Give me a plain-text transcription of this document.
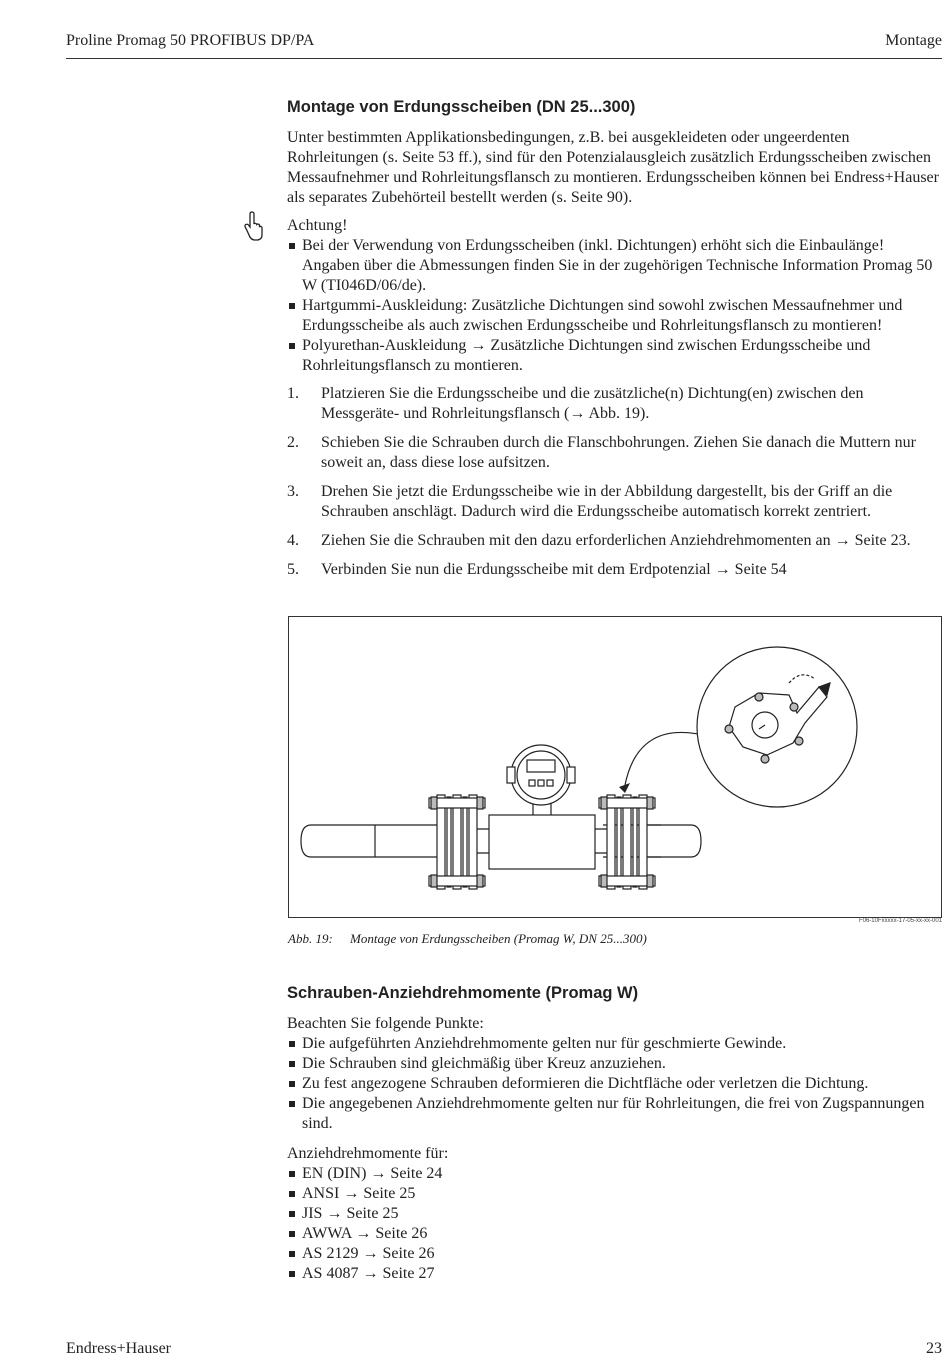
Proline Promag 50 PROFIBUS DP/PA	Montage
Montage von Erdungsscheiben (DN 25...300)

Unter bestimmten Applikationsbedingungen, z.B. bei ausgekleideten oder ungeerdenten Rohrleitungen (s. Seite 53 ff.), sind für den Potenzialausgleich zusätzlich Erdungsscheiben zwischen Messaufnehmer und Rohrleitungsflansch zu montieren. Erdungsscheiben können bei Endress+Hauser als separates Zubehörteil bestellt werden (s. Seite 90).

Achtung!

Bei der Verwendung von Erdungsscheiben (inkl. Dichtungen) erhöht sich die Einbaulänge! Angaben über die Abmessungen finden Sie in der zugehörigen Technische Information Promag 50 W (TI046D/06/de).
Hartgummi-Auskleidung: Zusätzliche Dichtungen sind sowohl zwischen Messaufnehmer und Erdungsscheibe als auch zwischen Erdungsscheibe und Rohrleitungsflansch zu montieren!
Polyurethan-Auskleidung → Zusätzliche Dichtungen sind zwischen Erdungsscheibe und Rohrleitungsflansch zu montieren.
1. Platzieren Sie die Erdungsscheibe und die zusätzliche(n) Dichtung(en) zwischen den Messgeräte- und Rohrleitungsflansch (→ Abb. 19).
2. Schieben Sie die Schrauben durch die Flanschbohrungen. Ziehen Sie danach die Muttern nur soweit an, dass diese lose aufsitzen.
3. Drehen Sie jetzt die Erdungsscheibe wie in der Abbildung dargestellt, bis der Griff an die Schrauben anschlägt. Dadurch wird die Erdungsscheibe automatisch korrekt zentriert.
4. Ziehen Sie die Schrauben mit den dazu erforderlichen Anziehdrehmomenten an → Seite 23.
5. Verbinden Sie nun die Erdungsscheibe mit dem Erdpotenzial → Seite 54
F06-10Fxxxxx-17-05-xx-xx-001
Abb. 19: Montage von Erdungsscheiben (Promag W, DN 25...300)
Schrauben-Anziehdrehmomente (Promag W)

Beachten Sie folgende Punkte:

Die aufgeführten Anziehdrehmomente gelten nur für geschmierte Gewinde.
Die Schrauben sind gleichmäßig über Kreuz anzuziehen.
Zu fest angezogene Schrauben deformieren die Dichtfläche oder verletzen die Dichtung.
Die angegebenen Anziehdrehmomente gelten nur für Rohrleitungen, die frei von Zugspannungen sind.

Anziehdrehmomente für:

EN (DIN) → Seite 24
ANSI → Seite 25
JIS → Seite 25
AWWA → Seite 26
AS 2129 → Seite 26
AS 4087 → Seite 27
Endress+Hauser	23
